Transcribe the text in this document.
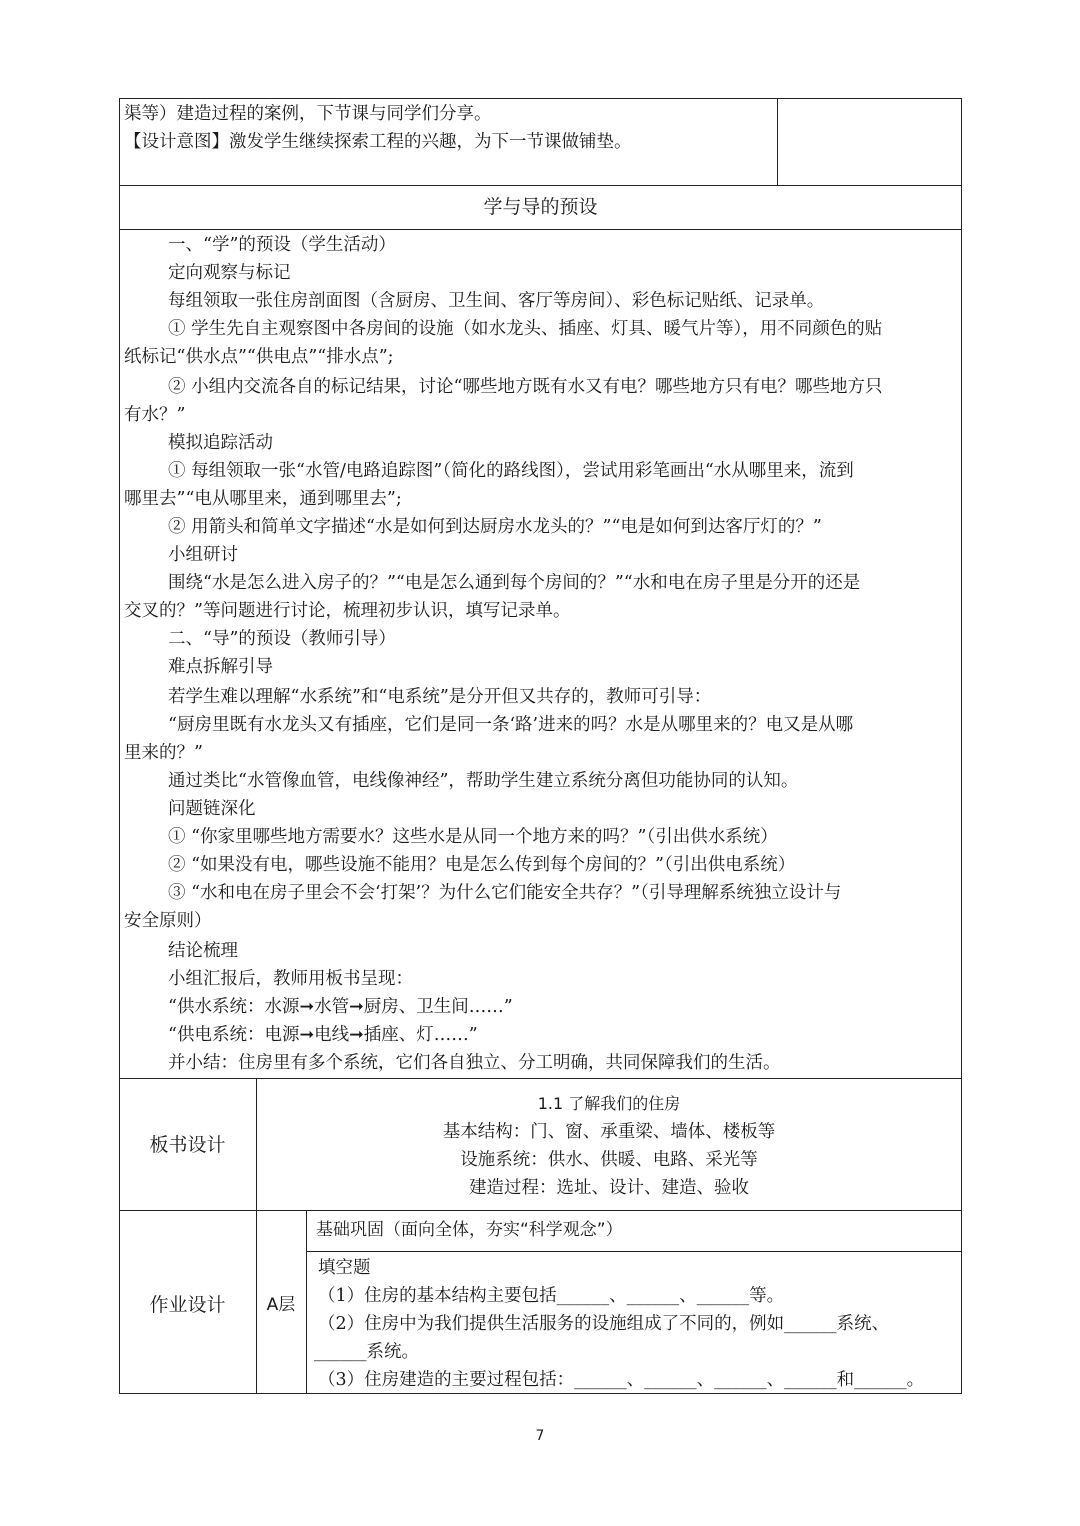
渠等）建造过程的案例，下节课与同学们分享。
【设计意图】激发学生继续探索工程的兴趣，为下一节课做铺垫。
学与导的预设
一、“学”的预设（学生活动）
定向观察与标记
每组领取一张住房剖面图（含厨房、卫生间、客厅等房间）、彩色标记贴纸、记录单。
① 学生先自主观察图中各房间的设施（如水龙头、插座、灯具、暖气片等），用不同颜色的贴
纸标记“供水点”“供电点”“排水点”;
② 小组内交流各自的标记结果，讨论“哪些地方既有水又有电？哪些地方只有电？哪些地方只
有水？”
模拟追踪活动
① 每组领取一张“水管/电路追踪图”（简化的路线图），尝试用彩笔画出“水从哪里来，流到
哪里去”“电从哪里来，通到哪里去”;
② 用箭头和简单文字描述“水是如何到达厨房水龙头的？”“电是如何到达客厅灯的？”
小组研讨
围绕“水是怎么进入房子的？”“电是怎么通到每个房间的？”“水和电在房子里是分开的还是
交叉的？”等问题进行讨论，梳理初步认识，填写记录单。
二、“导”的预设（教师引导）
难点拆解引导
若学生难以理解“水系统”和“电系统”是分开但又共存的，教师可引导：
“厨房里既有水龙头又有插座，它们是同一条‘路’进来的吗？水是从哪里来的？电又是从哪
里来的？”
通过类比“水管像血管，电线像神经”，帮助学生建立系统分离但功能协同的认知。
问题链深化
① “你家里哪些地方需要水？这些水是从同一个地方来的吗？”（引出供水系统）
② “如果没有电，哪些设施不能用？电是怎么传到每个房间的？”（引出供电系统）
③ “水和电在房子里会不会‘打架’？为什么它们能安全共存？”（引导理解系统独立设计与
安全原则）
结论梳理
小组汇报后，教师用板书呈现：
“供水系统：水源➞水管➞厨房、卫生间……”
“供电系统：电源➞电线➞插座、灯……”
并小结：住房里有多个系统，它们各自独立、分工明确，共同保障我们的生活。
板书设计
1.1 了解我们的住房
基本结构：门、窗、承重梁、墙体、楼板等
设施系统：供水、供暖、电路、采光等
建造过程：选址、设计、建造、验收
作业设计	A层
基础巩固（面向全体，夯实“科学观念”）
填空题
（1）住房的基本结构主要包括______、______、______等。
（2）住房中为我们提供生活服务的设施组成了不同的，例如______系统、
______系统。
（3）住房建造的主要过程包括：______、______、______、______和______。
7
